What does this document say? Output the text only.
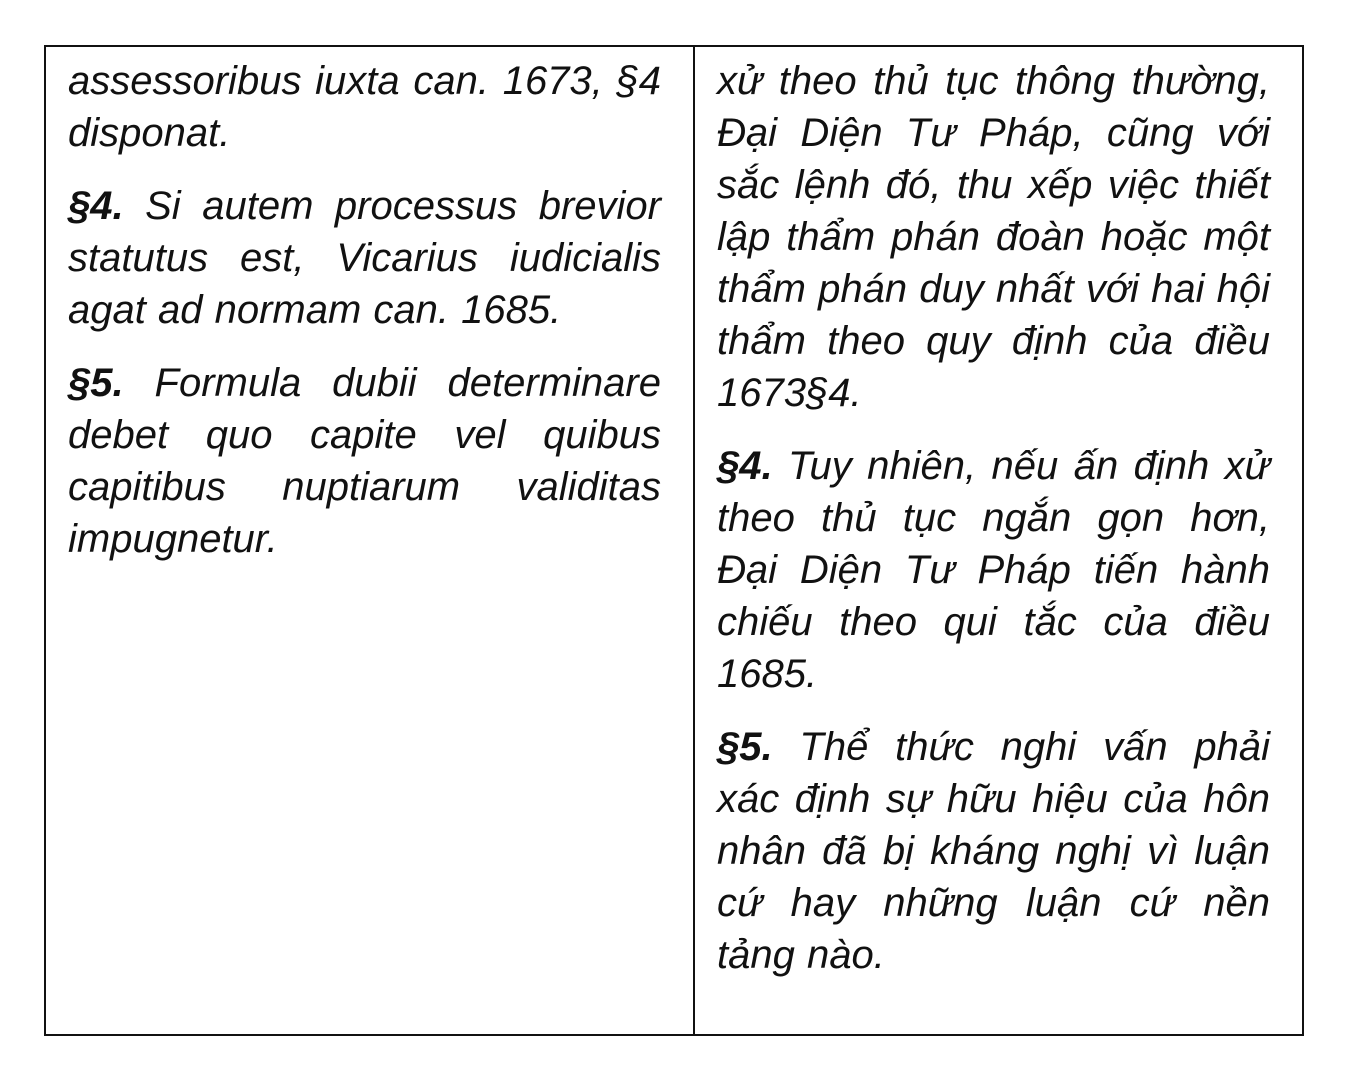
assessoribus iuxta can. 1673, §4 disponat.

§4. Si autem processus brevior statutus est, Vicarius iudicialis agat ad normam can. 1685.

§5. Formula dubii determinare debet quo capite vel quibus capitibus nuptiarum validitas impugnetur.

xử theo thủ tục thông thường, Đại Diện Tư Pháp, cũng với sắc lệnh đó, thu xếp việc thiết lập thẩm phán đoàn hoặc một thẩm phán duy nhất với hai hội thẩm theo quy định của điều 1673§4.

§4. Tuy nhiên, nếu ấn định xử theo thủ tục ngắn gọn hơn, Đại Diện Tư Pháp tiến hành chiếu theo qui tắc của điều 1685.

§5. Thể thức nghi vấn phải xác định sự hữu hiệu của hôn nhân đã bị kháng nghị vì luận cứ hay những luận cứ nền tảng nào.
